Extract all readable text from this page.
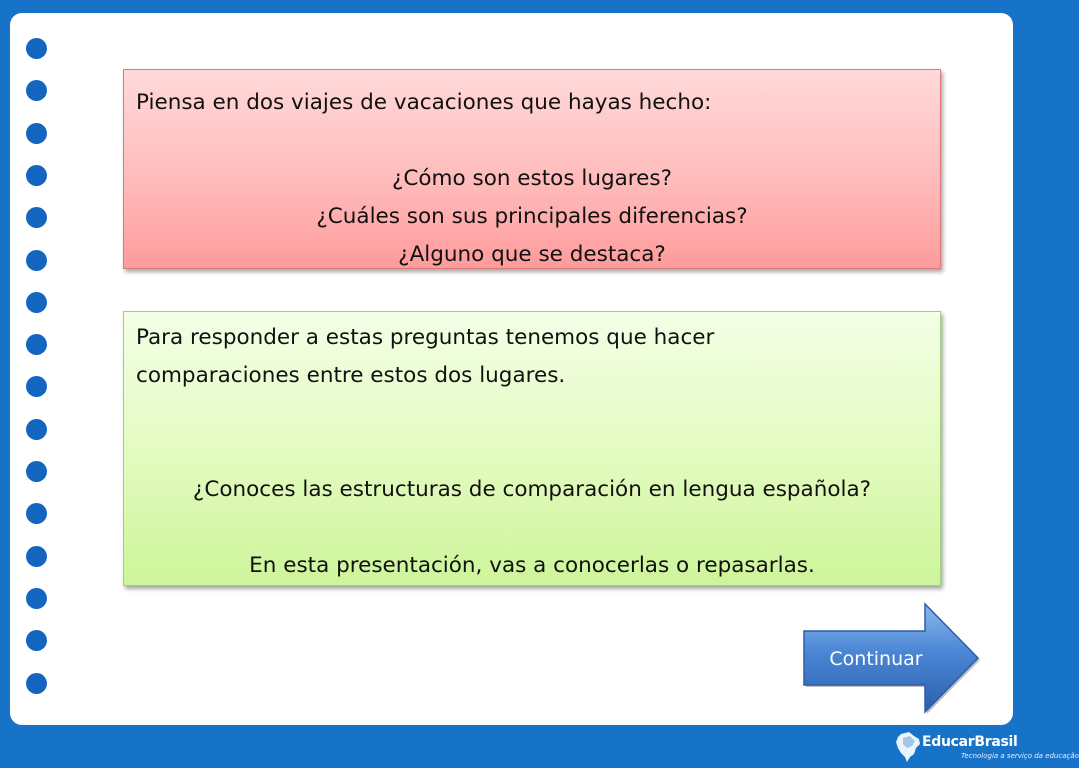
Piensa en dos viajes de vacaciones que hayas hecho:
¿Cómo son estos lugares?
¿Cuáles son sus principales diferencias?
¿Alguno que se destaca?
Para responder a estas preguntas tenemos que hacer
comparaciones entre estos dos lugares.
¿Conoces las estructuras de comparación en lengua española?
En esta presentación, vas a conocerlas o repasarlas.
Continuar
EducarBrasil
Tecnologia a serviço da educação
